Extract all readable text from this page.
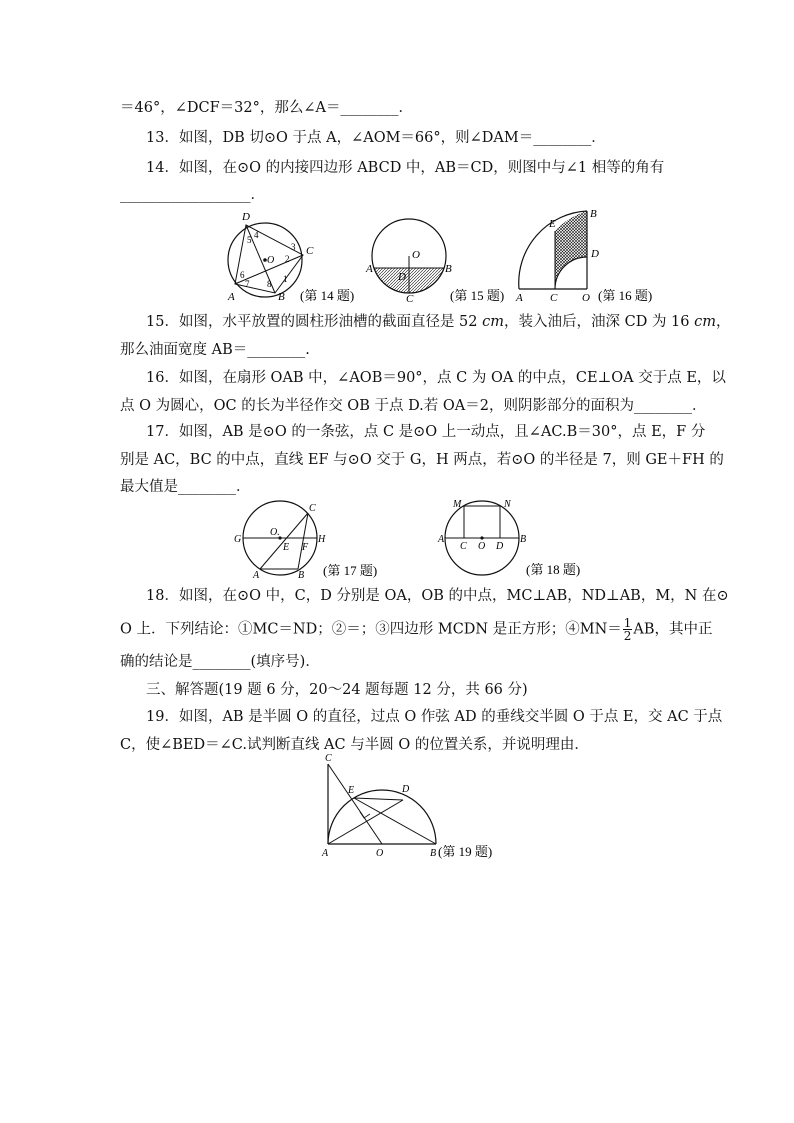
＝46°，∠DCF＝32°，那么∠A＝________．
13．如图，DB 切⊙O 于点 A，∠AOM＝66°，则∠DAM＝________．
14．如图，在⊙O 的内接四边形 ABCD 中，AB＝CD，则图中与∠1 相等的角有
__________________．
D
C
A	B
O
1
2
3
4
5
6
7 8
(第 14 题)
O
A	B
C
D
(第 15 题)
E
B
D
A C O (第 16 题)
15．如图，水平放置的圆柱形油槽的截面直径是 52 cm，装入油后，油深 CD 为 16 cm，
那么油面宽度 AB＝________.
16．如图，在扇形 OAB 中，∠AOB＝90°，点 C 为 OA 的中点，CE⊥OA 交于点 E，以
点 O 为圆心，OC 的长为半径作交 OB 于点 D.若 OA＝2，则阴影部分的面积为________．
17．如图，AB 是⊙O 的一条弦，点 C 是⊙O 上一动点，且∠AC.B＝30°，点 E，F 分
别是 AC，BC 的中点，直线 EF 与⊙O 交于 G，H 两点，若⊙O 的半径是 7，则 GE＋FH 的
最大值是________．
C
O.
G
E F
H
A	B (第 17 题)
M	N
A
C O D
B
(第 18 题)
18．如图，在⊙O 中，C，D 分别是 OA，OB 的中点，MC⊥AB，ND⊥AB，M，N 在⊙
O 上．下列结论：①MC＝ND；②＝；③四边形 MCDN 是正方形；④MN＝ $\frac{1}{2}$ AB，其中正
确的结论是________(填序号)．
三、解答题(19 题 6 分，20～24 题每题 12 分，共 66 分)
19．如图，AB 是半圆 O 的直径，过点 O 作弦 AD 的垂线交半圆 O 于点 E，交 AC 于点
C，使∠BED＝∠C.试判断直线 AC 与半圆 O 的位置关系，并说明理由．
C
E	D
A	O	B (第 19 题)
